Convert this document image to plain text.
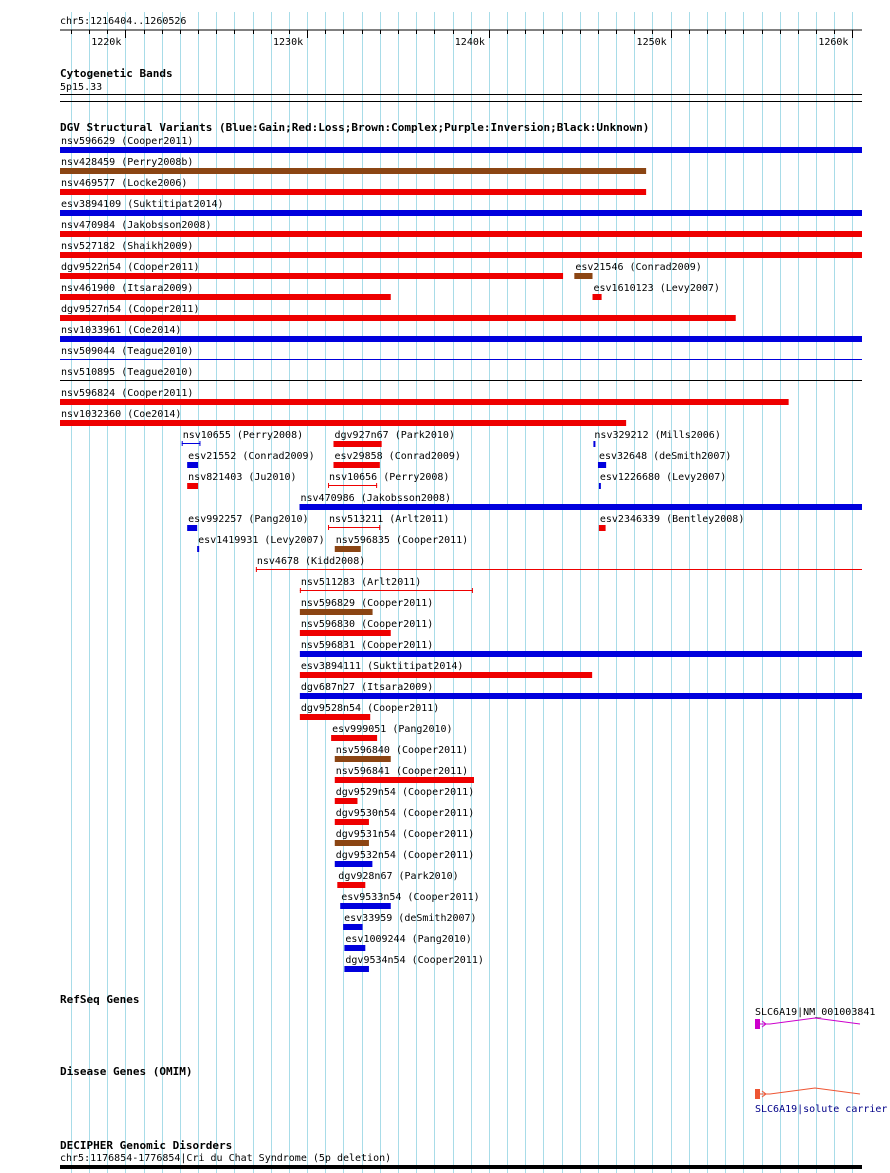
chr5:1216404..1260526
1220k	1230k	1240k	1250k	1260k
Cytogenetic Bands
5p15.33
DGV Structural Variants (Blue:Gain;Red:Loss;Brown:Complex;Purple:Inversion;Black:Unknown)
nsv596629 (Cooper2011)
nsv428459 (Perry2008b)
nsv469577 (Locke2006)
esv3894109 (Suktitipat2014)
nsv470984 (Jakobsson2008)
nsv527182 (Shaikh2009)
dgv9522n54 (Cooper2011)	esv21546 (Conrad2009)
nsv461900 (Itsara2009)	esv1610123 (Levy2007)
dgv9527n54 (Cooper2011)
nsv1033961 (Coe2014)
nsv509044 (Teague2010)
nsv510895 (Teague2010)
nsv596824 (Cooper2011)
nsv1032360 (Coe2014)
nsv10655 (Perry2008)	dgv927n67 (Park2010)	nsv329212 (Mills2006)
esv21552 (Conrad2009) esv29858 (Conrad2009)	esv32648 (deSmith2007)
nsv821403 (Ju2010)
nsv470986 (Jakobsson2008)
esv992257 (Pang2010)
nsv10656 (Perry2008)	esv1226680 (Levy2007)
esv1419931 (Levy2007)
nsv513211 (Arlt2011)	esv2346339 (Bentley2008)
nsv4678 (Kidd2008)
nsv511283 (Arlt2011)
nsv596829 (Cooper2011)
nsv596830 (Cooper2011)
nsv596831 (Cooper2011)
esv3894111 (Suktitipat2014)
dgv687n27 (Itsara2009)
dgv9528n54 (Cooper2011)
esv999051 (Pang2010)
nsv596835 (Cooper2011)
nsv596840 (Cooper2011)
nsv596841 (Cooper2011)
dgv9529n54 (Cooper2011)
dgv9530n54 (Cooper2011)
dgv9531n54 (Cooper2011)
dgv9532n54 (Cooper2011)
dgv928n67 (Park2010)
esv9533n54 (Cooper2011)
esv33959 (deSmith2007)
esv1009244 (Pang2010)
dgv9534n54 (Cooper2011)
RefSeq Genes
SLC6A19|NM_001003841
Disease Genes (OMIM)
SLC6A19|solute carrier
DECIPHER Genomic Disorders
chr5:1176854-1776854|Cri du Chat Syndrome (5p deletion)
